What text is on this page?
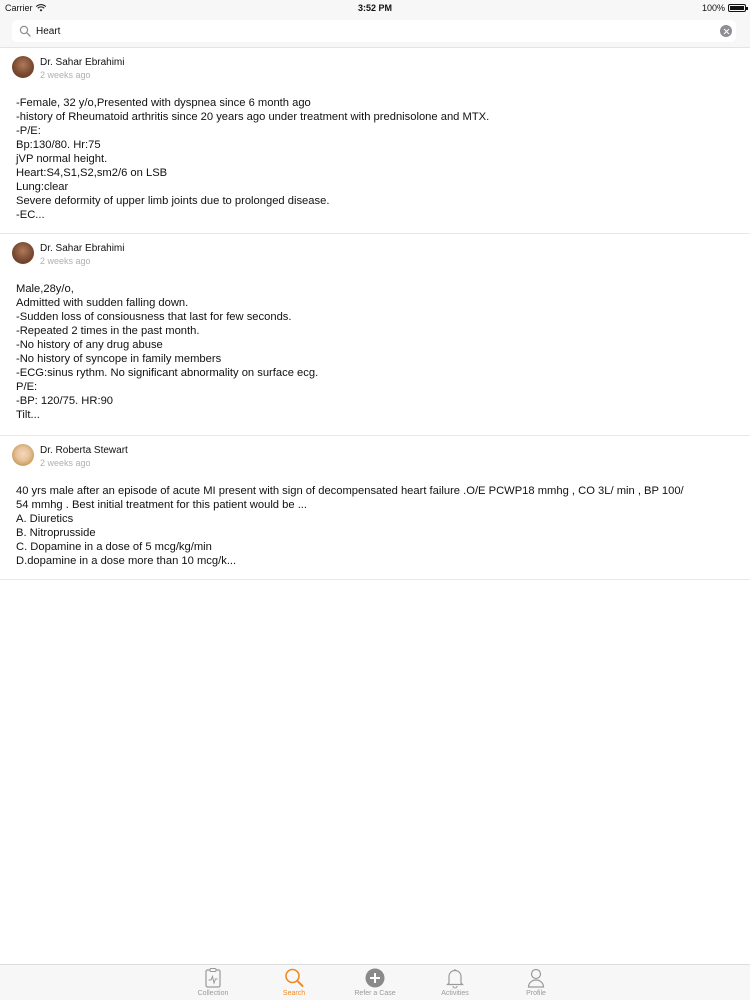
Carrier	3:52 PM	100%
Heart
Dr. Sahar Ebrahimi
2 weeks ago
-Female, 32 y/o,Presented with dyspnea since 6 month ago
-history of Rheumatoid arthritis since 20 years ago under treatment with prednisolone and MTX.
-P/E:
Bp:130/80. Hr:75
jVP normal height.
Heart:S4,S1,S2,sm2/6 on LSB
Lung:clear
Severe deformity of upper limb joints due to prolonged disease.
-EC...
Dr. Sahar Ebrahimi
2 weeks ago
Male,28y/o,
Admitted with sudden falling down.
-Sudden loss of consiousness that last for few seconds.
-Repeated 2 times in the past month.
-No history of any drug abuse
-No history of syncope in family members
-ECG:sinus rythm. No significant abnormality on surface ecg.
P/E:
-BP: 120/75. HR:90
Tilt...
Dr. Roberta Stewart
2 weeks ago
40 yrs male after an episode of acute MI present with sign of decompensated heart failure .O/E PCWP18 mmhg , CO 3L/ min , BP 100/
54 mmhg . Best initial treatment for this patient would be ...
A. Diuretics
B. Nitroprusside
C. Dopamine in a dose of 5 mcg/kg/min
D.dopamine in a dose more than 10 mcg/k...
Collection	Search	Refer a Case	Activities	Profile
